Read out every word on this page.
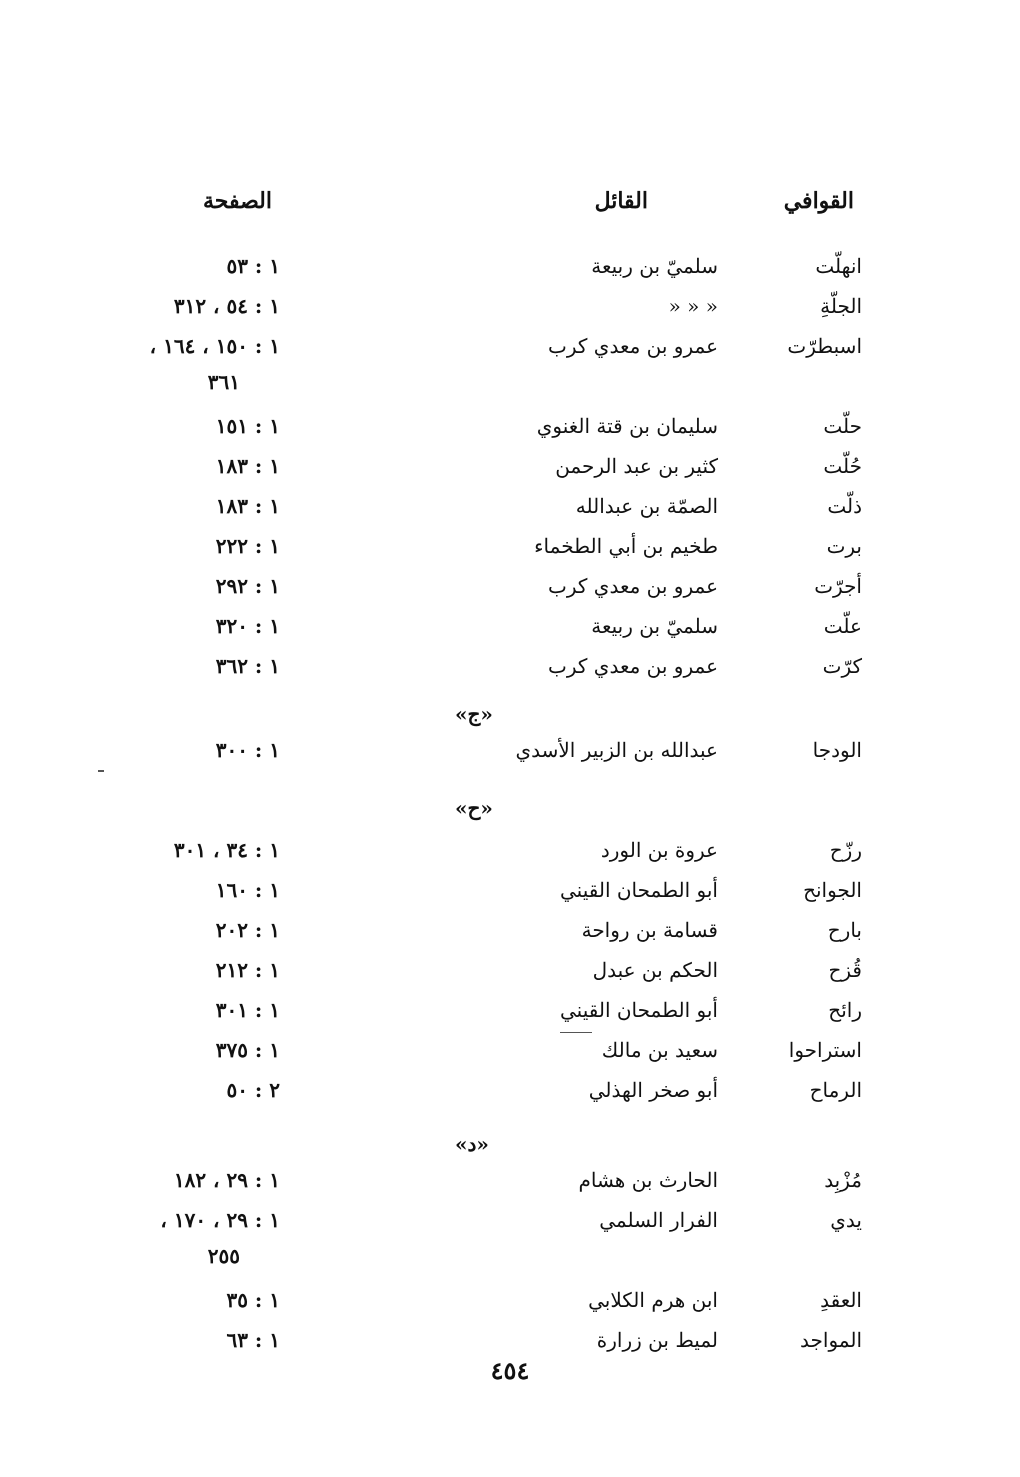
القوافي
القائل
الصفحة
انهلّت
سلميّ بن ربيعة
١ : ٥٣
الجلّةِ
« « «
١ : ٥٤ ، ٣١٢
اسبطرّت
عمرو بن معدي كرب
١ : ١٥٠ ، ١٦٤ ،
٣٦١
حلّت
سليمان بن قتة الغنوي
١ : ١٥١
حُلّت
كثير بن عبد الرحمن
١ : ١٨٣
ذلّت
الصمّة بن عبدالله
١ : ١٨٣
برت
طخيم بن أبي الطخماء
١ : ٢٢٢
أجرّت
عمرو بن معدي كرب
١ : ٢٩٢
علّت
سلميّ بن ربيعة
١ : ٣٢٠
كرّت
عمرو بن معدي كرب
١ : ٣٦٢
«ج»
الودجا
عبدالله بن الزبير الأسدي
١ : ٣٠٠
«ح»
رزّح
عروة بن الورد
١ : ٣٤ ، ٣٠١
الجوانح
أبو الطمحان القيني
١ : ١٦٠
بارح
قسامة بن رواحة
١ : ٢٠٢
قُزح
الحكم بن عبدل
١ : ٢١٢
رائح
أبو الطمحان القيني
١ : ٣٠١
استراحوا
سعيد بن مالك
١ : ٣٧٥
الرماح
أبو صخر الهذلي
٢ : ٥٠
«د»
مُزْبِد
الحارث بن هشام
١ : ٢٩ ، ١٨٢
يدي
الفرار السلمي
١ : ٢٩ ، ١٧٠ ،
٢٥٥
العقدِ
ابن هرم الكلابي
١ : ٣٥
المواجد
لميط بن زرارة
١ : ٦٣
٤٥٤
